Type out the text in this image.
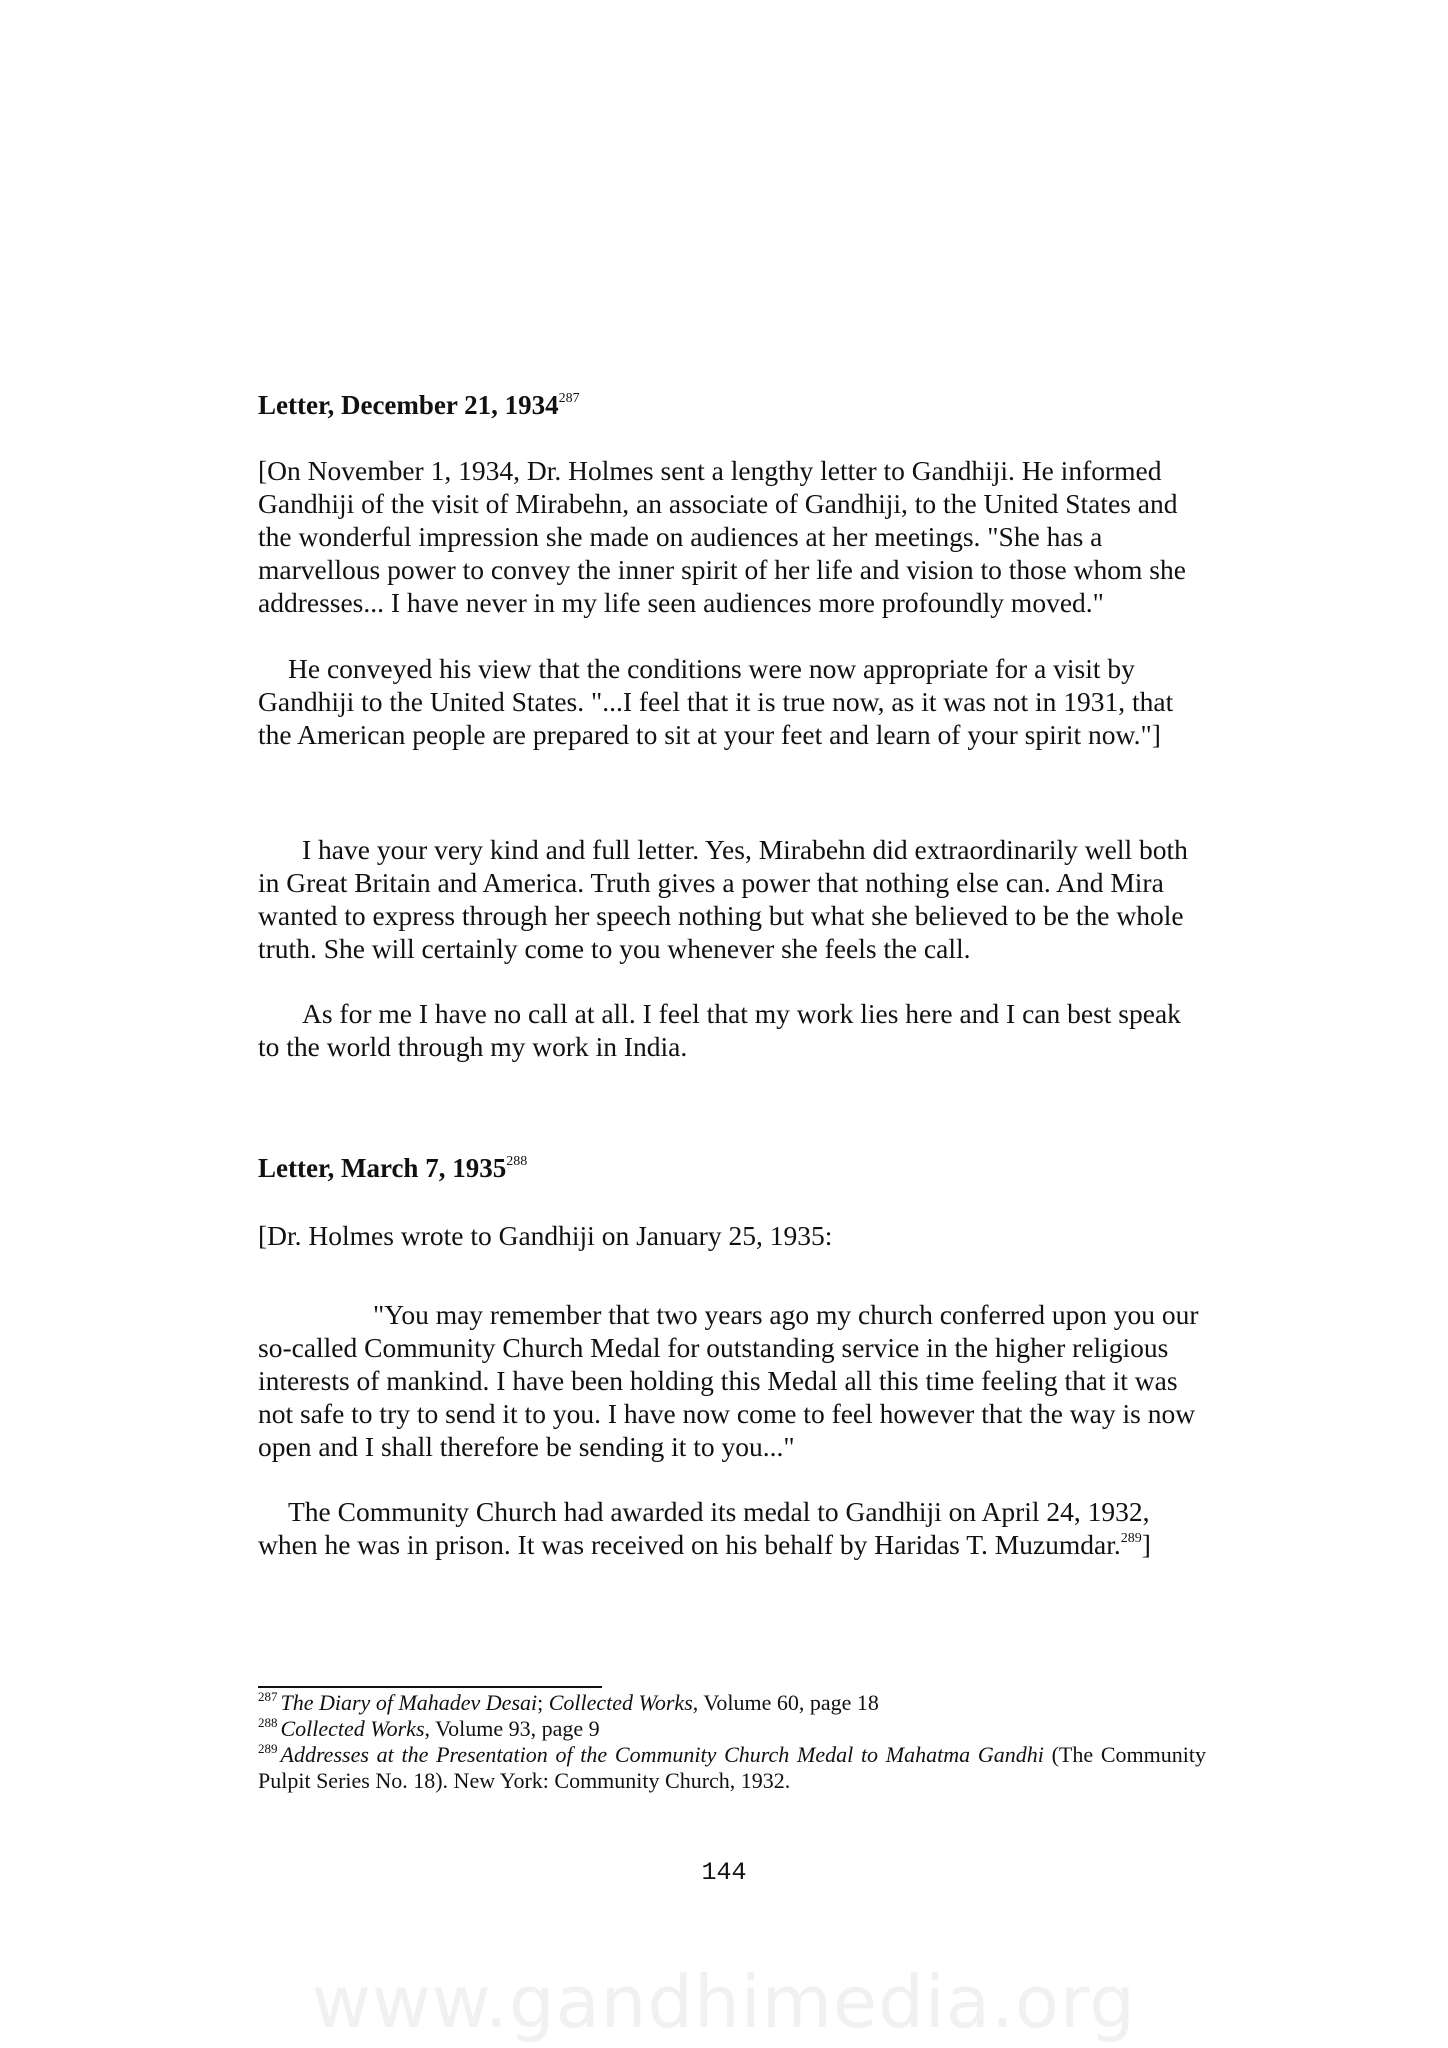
Letter, December 21, 1934$^{287}$

[On November 1, 1934, Dr. Holmes sent a lengthy letter to Gandhiji. He informed Gandhiji of the visit of Mirabehn, an associate of Gandhiji, to the United States and the wonderful impression she made on audiences at her meetings. "She has a marvellous power to convey the inner spirit of her life and vision to those whom she addresses... I have never in my life seen audiences more profoundly moved."

He conveyed his view that the conditions were now appropriate for a visit by Gandhiji to the United States. "...I feel that it is true now, as it was not in 1931, that the American people are prepared to sit at your feet and learn of your spirit now."]

I have your very kind and full letter. Yes, Mirabehn did extraordinarily well both in Great Britain and America. Truth gives a power that nothing else can. And Mira wanted to express through her speech nothing but what she believed to be the whole truth. She will certainly come to you whenever she feels the call.

As for me I have no call at all. I feel that my work lies here and I can best speak to the world through my work in India.

Letter, March 7, 1935$^{288}$

[Dr. Holmes wrote to Gandhiji on January 25, 1935:

"You may remember that two years ago my church conferred upon you our so-called Community Church Medal for outstanding service in the higher religious interests of mankind. I have been holding this Medal all this time feeling that it was not safe to try to send it to you. I have now come to feel however that the way is now open and I shall therefore be sending it to you..."

The Community Church had awarded its medal to Gandhiji on April 24, 1932, when he was in prison. It was received on his behalf by Haridas T. Muzumdar.$^{289}$]

$^{287}$ The Diary of Mahadev Desai; Collected Works, Volume 60, page 18

$^{288}$ Collected Works, Volume 93, page 9

$^{289}$ Addresses at the Presentation of the Community Church Medal to Mahatma Gandhi (The Community Pulpit Series No. 18). New York: Community Church, 1932.

144

www.gandhimedia.org
